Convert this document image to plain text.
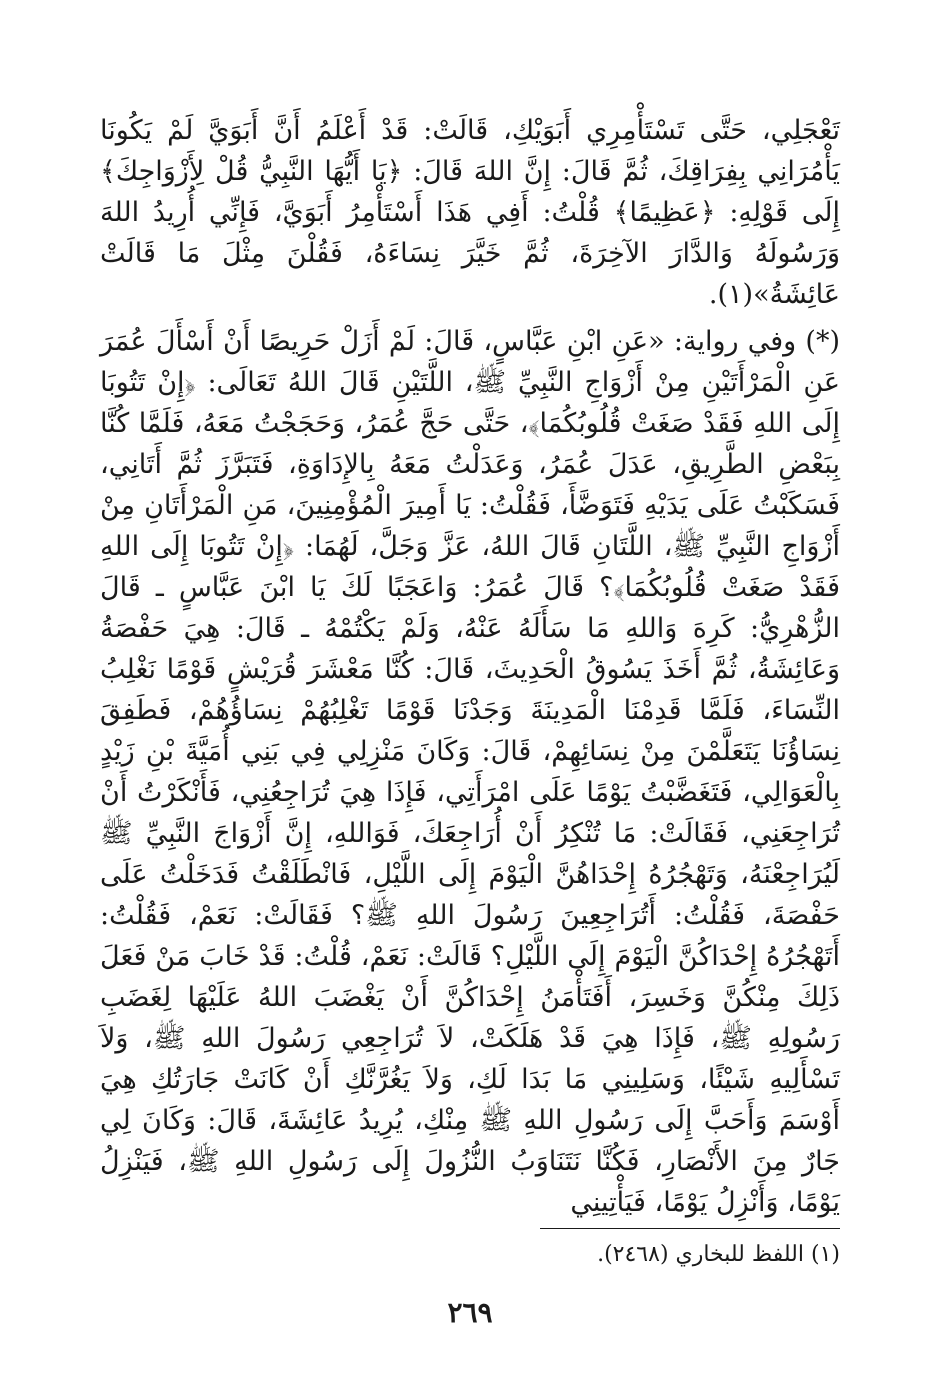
تَعْجَلِي، حَتَّى تَسْتَأْمِرِي أَبَوَيْكِ، قَالَتْ: قَدْ أَعْلَمُ أَنَّ أَبَوَيَّ لَمْ يَكُونَا يَأْمُرَانِي بِفِرَاقِكَ، ثُمَّ قَالَ: إِنَّ اللهَ قَالَ: ﴿يَا أَيُّهَا النَّبِيُّ قُلْ لِأَزْوَاجِكَ﴾ إِلَى قَوْلِهِ: ﴿عَظِيمًا﴾ قُلْتُ: أَفِي هَذَا أَسْتَأْمِرُ أَبَوَيَّ، فَإِنِّي أُرِيدُ اللهَ وَرَسُولَهُ وَالدَّارَ الآخِرَةَ، ثُمَّ خَيَّرَ نِسَاءَهُ، فَقُلْنَ مِثْلَ مَا قَالَتْ عَائِشَةُ»(١).

(*) وفي رواية: «عَنِ ابْنِ عَبَّاسٍ، قَالَ: لَمْ أَزَلْ حَرِيصًا أَنْ أَسْأَلَ عُمَرَ عَنِ الْمَرْأَتَيْنِ مِنْ أَزْوَاجِ النَّبِيِّ ﷺ، اللَّتَيْنِ قَالَ اللهُ تَعَالَى: ﴿إِنْ تَتُوبَا إِلَى اللهِ فَقَدْ صَغَتْ قُلُوبُكُمَا﴾، حَتَّى حَجَّ عُمَرُ، وَحَجَجْتُ مَعَهُ، فَلَمَّا كُنَّا بِبَعْضِ الطَّرِيقِ، عَدَلَ عُمَرُ، وَعَدَلْتُ مَعَهُ بِالإِدَاوَةِ، فَتَبَرَّزَ ثُمَّ أَتَانِي، فَسَكَبْتُ عَلَى يَدَيْهِ فَتَوَضَّأَ، فَقُلْتُ: يَا أَمِيرَ الْمُؤْمِنِينَ، مَنِ الْمَرْأَتَانِ مِنْ أَزْوَاجِ النَّبِيِّ ﷺ، اللَّتَانِ قَالَ اللهُ، عَزَّ وَجَلَّ، لَهُمَا: ﴿إِنْ تَتُوبَا إِلَى اللهِ فَقَدْ صَغَتْ قُلُوبُكُمَا﴾؟ قَالَ عُمَرُ: وَاعَجَبًا لَكَ يَا ابْنَ عَبَّاسٍ ـ قَالَ الزُّهْرِيُّ: كَرِهَ وَاللهِ مَا سَأَلَهُ عَنْهُ، وَلَمْ يَكْتُمْهُ ـ قَالَ: هِيَ حَفْصَةُ وَعَائِشَةُ، ثُمَّ أَخَذَ يَسُوقُ الْحَدِيثَ، قَالَ: كُنَّا مَعْشَرَ قُرَيْشٍ قَوْمًا نَغْلِبُ النِّسَاءَ، فَلَمَّا قَدِمْنَا الْمَدِينَةَ وَجَدْنَا قَوْمًا تَغْلِبُهُمْ نِسَاؤُهُمْ، فَطَفِقَ نِسَاؤُنَا يَتَعَلَّمْنَ مِنْ نِسَائِهِمْ، قَالَ: وَكَانَ مَنْزِلِي فِي بَنِي أُمَيَّةَ بْنِ زَيْدٍ بِالْعَوَالِي، فَتَغَضَّبْتُ يَوْمًا عَلَى امْرَأَتِي، فَإِذَا هِيَ تُرَاجِعُنِي، فَأَنْكَرْتُ أَنْ تُرَاجِعَنِي، فَقَالَتْ: مَا تُنْكِرُ أَنْ أُرَاجِعَكَ، فَوَاللهِ، إِنَّ أَزْوَاجَ النَّبِيِّ ﷺ لَيُرَاجِعْنَهُ، وَتَهْجُرُهُ إِحْدَاهُنَّ الْيَوْمَ إِلَى اللَّيْلِ، فَانْطَلَقْتُ فَدَخَلْتُ عَلَى حَفْصَةَ، فَقُلْتُ: أَتُرَاجِعِينَ رَسُولَ اللهِ ﷺ؟ فَقَالَتْ: نَعَمْ، فَقُلْتُ: أَتَهْجُرُهُ إِحْدَاكُنَّ الْيَوْمَ إِلَى اللَّيْلِ؟ قَالَتْ: نَعَمْ، قُلْتُ: قَدْ خَابَ مَنْ فَعَلَ ذَلِكَ مِنْكُنَّ وَخَسِرَ، أَفَتَأْمَنُ إِحْدَاكُنَّ أَنْ يَغْضَبَ اللهُ عَلَيْهَا لِغَضَبِ رَسُولِهِ ﷺ، فَإِذَا هِيَ قَدْ هَلَكَتْ، لاَ تُرَاجِعِي رَسُولَ اللهِ ﷺ، وَلاَ تَسْأَلِيهِ شَيْئًا، وَسَلِينِي مَا بَدَا لَكِ، وَلاَ يَغُرَّنَّكِ أَنْ كَانَتْ جَارَتُكِ هِيَ أَوْسَمَ وَأَحَبَّ إِلَى رَسُولِ اللهِ ﷺ مِنْكِ، يُرِيدُ عَائِشَةَ، قَالَ: وَكَانَ لِي جَارٌ مِنَ الأَنْصَارِ، فَكُنَّا نَتَنَاوَبُ النُّزُولَ إِلَى رَسُولِ اللهِ ﷺ، فَيَنْزِلُ يَوْمًا، وَأَنْزِلُ يَوْمًا، فَيَأْتِينِي

(١) اللفظ للبخاري (٢٤٦٨).
٢٦٩
